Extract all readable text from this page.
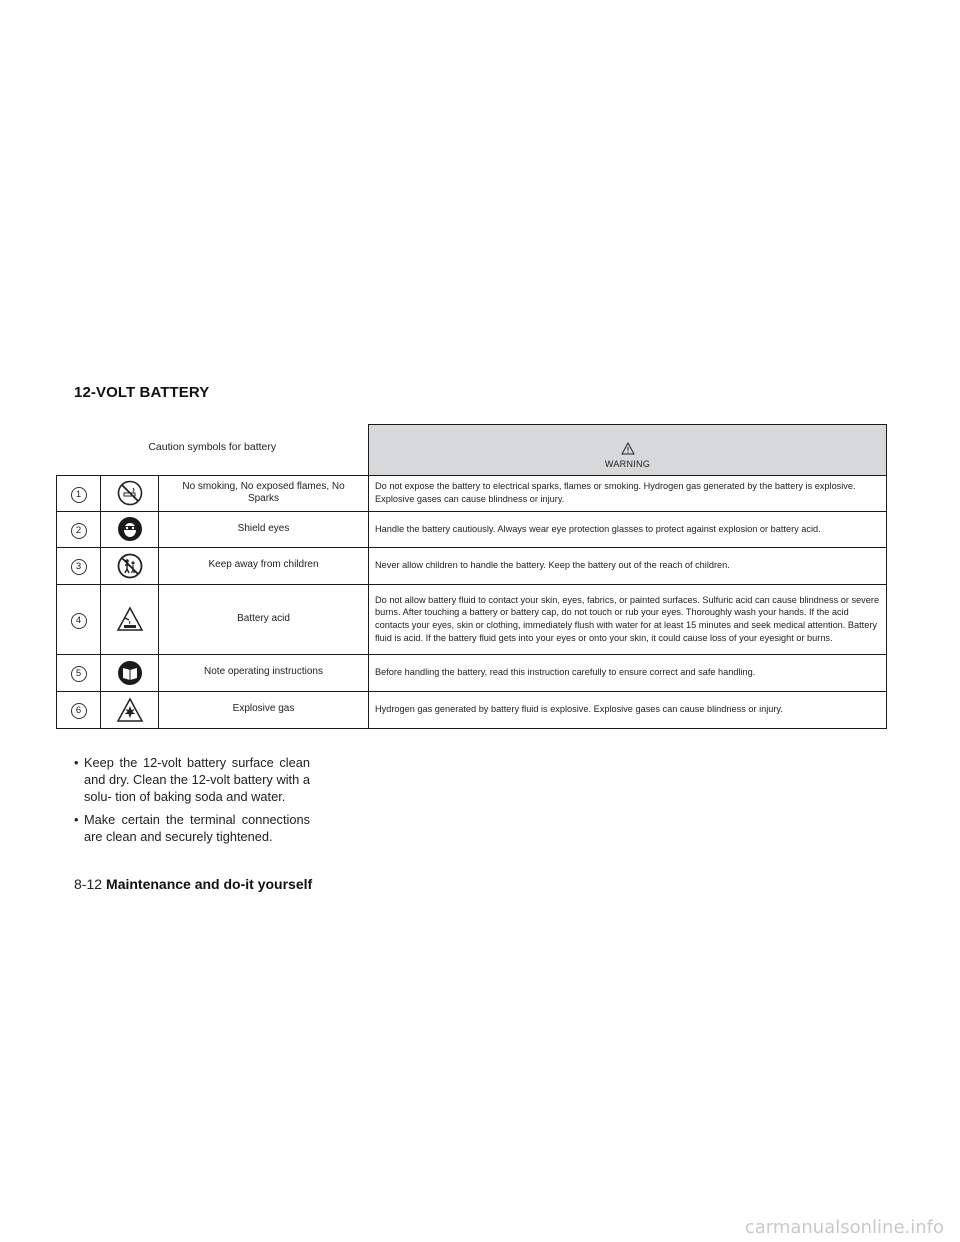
12-VOLT BATTERY
Caution symbols for battery			WARNING
1		No smoking, No exposed flames, No Sparks	Do not expose the battery to electrical sparks, flames or smoking. Hydrogen gas generated by the battery is explosive. Explosive gases can cause blindness or injury.
2		Shield eyes	Handle the battery cautiously. Always wear eye protection glasses to protect against explosion or battery acid.
3		Keep away from children	Never allow children to handle the battery. Keep the battery out of the reach of children.
4		Battery acid	Do not allow battery fluid to contact your skin, eyes, fabrics, or painted surfaces. Sulfuric acid can cause blindness or severe burns. After touching a battery or battery cap, do not touch or rub your eyes. Thoroughly wash your hands. If the acid contacts your eyes, skin or clothing, immediately flush with water for at least 15 minutes and seek medical attention. Battery fluid is acid. If the battery fluid gets into your eyes or onto your skin, it could cause loss of your eyesight or burns.
5		Note operating instructions	Before handling the battery, read this instruction carefully to ensure correct and safe handling.
6		Explosive gas	Hydrogen gas generated by battery fluid is explosive. Explosive gases can cause blindness or injury.
• Keep the 12-volt battery surface clean and dry. Clean the 12-volt battery with a solu- tion of baking soda and water.
• Make certain the terminal connections are clean and securely tightened.
8-12 Maintenance and do-it yourself
carmanualsonline.info
